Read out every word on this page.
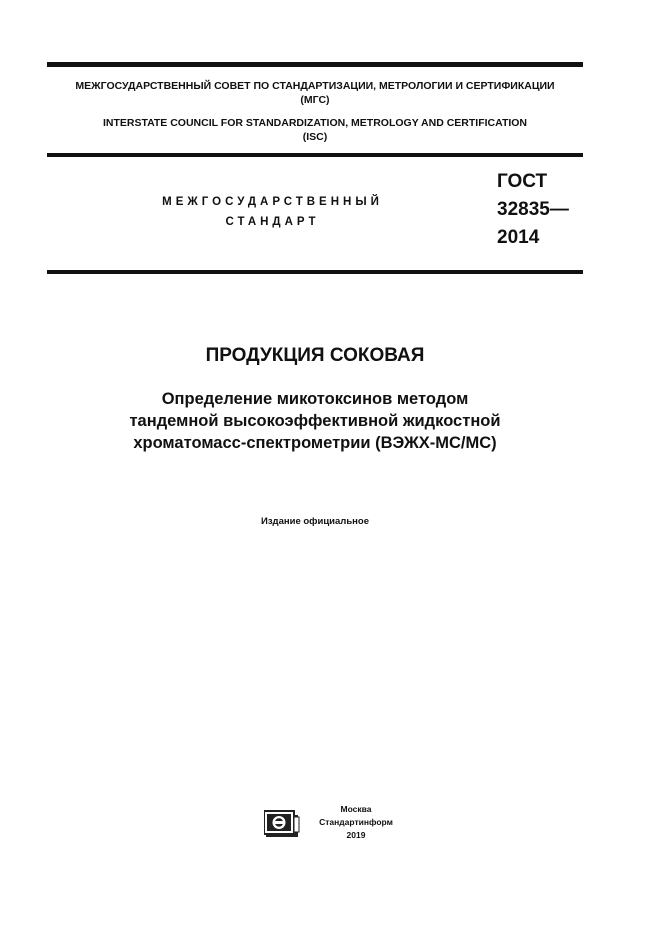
МЕЖГОСУДАРСТВЕННЫЙ СОВЕТ ПО СТАНДАРТИЗАЦИИ, МЕТРОЛОГИИ И СЕРТИФИКАЦИИ
(МГС)
INTERSTATE COUNCIL FOR STANDARDIZATION, METROLOGY AND CERTIFICATION
(ISC)
МЕЖГОСУДАРСТВЕННЫЙ
СТАНДАРТ
ГОСТ
32835—
2014
ПРОДУКЦИЯ СОКОВАЯ
Определение микотоксинов методом
тандемной высокоэффективной жидкостной
хроматомасс-спектрометрии (ВЭЖХ-МС/МС)
Издание официальное
Москва
Стандартинформ
2019
